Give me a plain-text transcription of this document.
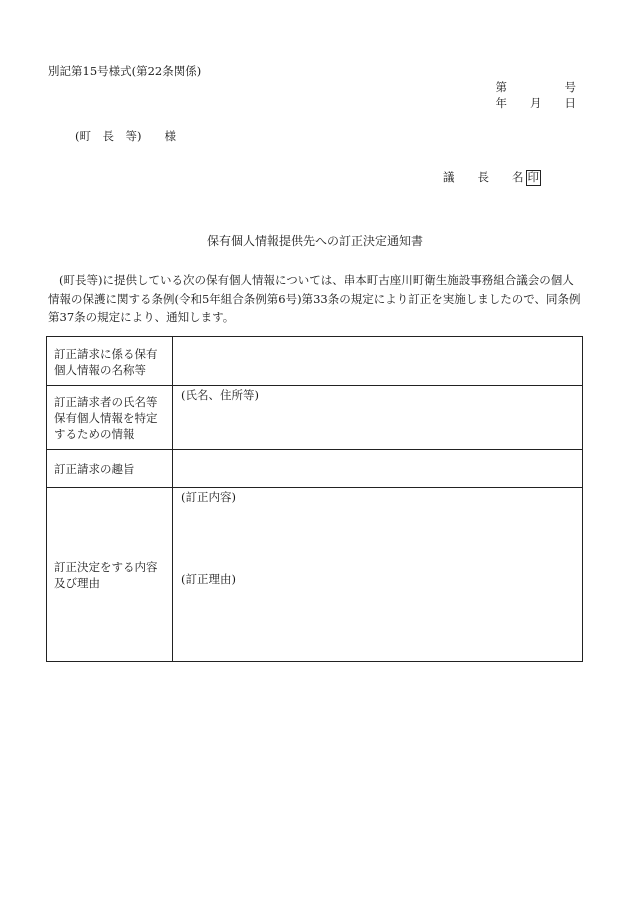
別記第15号様式(第22条関係)
第　　　　　号
年　　月　　日
(町　長　等)　　様
議　　長　　名 印
保有個人情報提供先への訂正決定通知書
(町長等)に提供している次の保有個人情報については、串本町古座川町衛生施設事務組合議会の個人情報の保護に関する条例(令和5年組合条例第6号)第33条の規定により訂正を実施しましたので、同条例第37条の規定により、通知します。
訂正請求に係る保有個人情報の名称等	

訂正請求者の氏名等保有個人情報を特定するための情報	(氏名、住所等)

訂正請求の趣旨	

訂正決定をする内容及び理由	(訂正内容)
(訂正理由)
